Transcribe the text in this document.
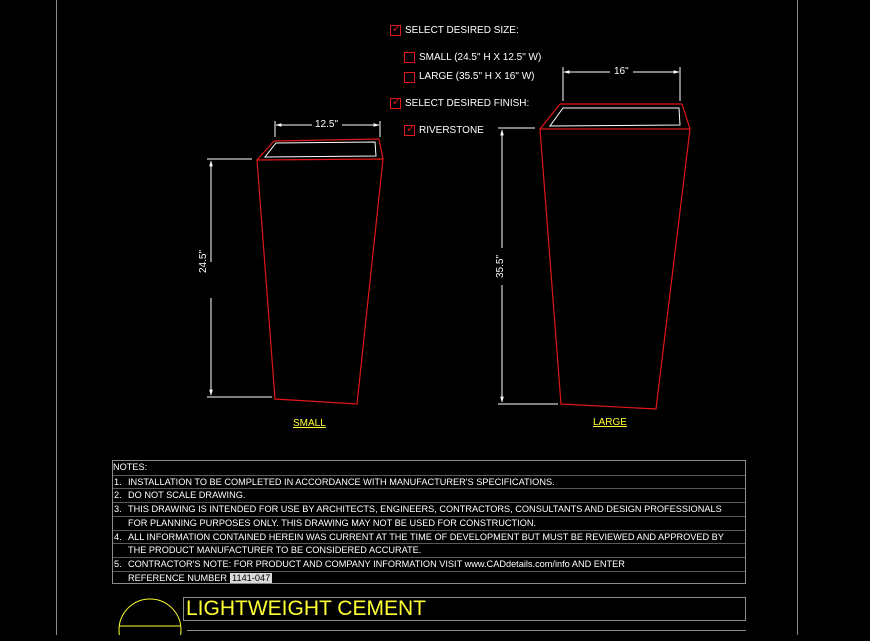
✓ SELECT DESIRED SIZE:
SMALL (24.5" H X 12.5" W)
LARGE (35.5" H X 16" W)
✓ SELECT DESIRED FINISH:
✓ RIVERSTONE
12.5"
24.5"
16"
35.5"
SMALL	LARGE
NOTES:
1. INSTALLATION TO BE COMPLETED IN ACCORDANCE WITH MANUFACTURER'S SPECIFICATIONS.
2. DO NOT SCALE DRAWING.
3. THIS DRAWING IS INTENDED FOR USE BY ARCHITECTS, ENGINEERS, CONTRACTORS, CONSULTANTS AND DESIGN PROFESSIONALS
FOR PLANNING PURPOSES ONLY. THIS DRAWING MAY NOT BE USED FOR CONSTRUCTION.
4. ALL INFORMATION CONTAINED HEREIN WAS CURRENT AT THE TIME OF DEVELOPMENT BUT MUST BE REVIEWED AND APPROVED BY
THE PRODUCT MANUFACTURER TO BE CONSIDERED ACCURATE.
5. CONTRACTOR'S NOTE: FOR PRODUCT AND COMPANY INFORMATION VISIT www.CADdetails.com/info AND ENTER
REFERENCE NUMBER 1141-047
LIGHTWEIGHT CEMENT
